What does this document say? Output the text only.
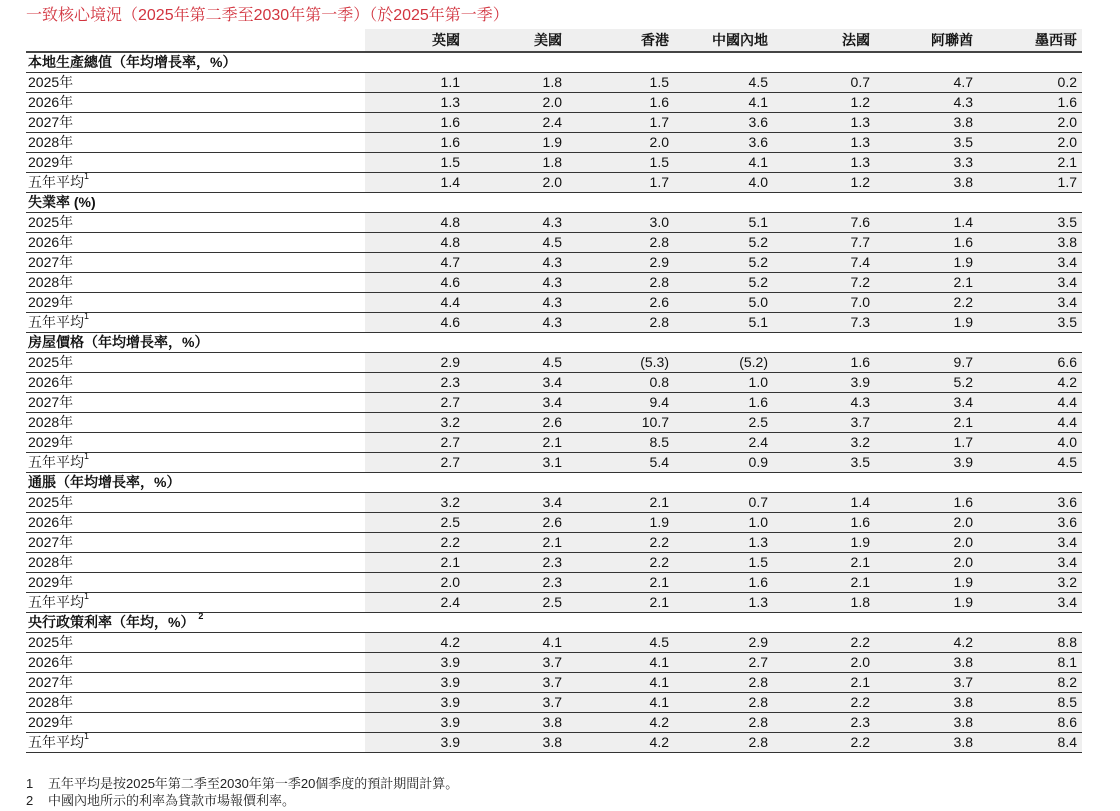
一致核心境況（2025年第二季至2030年第一季）（於2025年第一季）
	英國	美國	香港	中國內地	法國	阿聯酋	墨西哥
本地生產總值（年均增長率，%）							
2025年	1.1	1.8	1.5	4.5	0.7	4.7	0.2
2026年	1.3	2.0	1.6	4.1	1.2	4.3	1.6
2027年	1.6	2.4	1.7	3.6	1.3	3.8	2.0
2028年	1.6	1.9	2.0	3.6	1.3	3.5	2.0
2029年	1.5	1.8	1.5	4.1	1.3	3.3	2.1
五年平均$^1$	1.4	2.0	1.7	4.0	1.2	3.8	1.7
失業率 (%)							
2025年	4.8	4.3	3.0	5.1	7.6	1.4	3.5
2026年	4.8	4.5	2.8	5.2	7.7	1.6	3.8
2027年	4.7	4.3	2.9	5.2	7.4	1.9	3.4
2028年	4.6	4.3	2.8	5.2	7.2	2.1	3.4
2029年	4.4	4.3	2.6	5.0	7.0	2.2	3.4
五年平均$^1$	4.6	4.3	2.8	5.1	7.3	1.9	3.5
房屋價格（年均增長率，%）							
2025年	2.9	4.5	(5.3)	(5.2)	1.6	9.7	6.6
2026年	2.3	3.4	0.8	1.0	3.9	5.2	4.2
2027年	2.7	3.4	9.4	1.6	4.3	3.4	4.4
2028年	3.2	2.6	10.7	2.5	3.7	2.1	4.4
2029年	2.7	2.1	8.5	2.4	3.2	1.7	4.0
五年平均$^1$	2.7	3.1	5.4	0.9	3.5	3.9	4.5
通脹（年均增長率，%）							
2025年	3.2	3.4	2.1	0.7	1.4	1.6	3.6
2026年	2.5	2.6	1.9	1.0	1.6	2.0	3.6
2027年	2.2	2.1	2.2	1.3	1.9	2.0	3.4
2028年	2.1	2.3	2.2	1.5	2.1	2.0	3.4
2029年	2.0	2.3	2.1	1.6	2.1	1.9	3.2
五年平均$^1$	2.4	2.5	2.1	1.3	1.8	1.9	3.4
央行政策利率（年均，%） $^2$							
2025年	4.2	4.1	4.5	2.9	2.2	4.2	8.8
2026年	3.9	3.7	4.1	2.7	2.0	3.8	8.1
2027年	3.9	3.7	4.1	2.8	2.1	3.7	8.2
2028年	3.9	3.7	4.1	2.8	2.2	3.8	8.5
2029年	3.9	3.8	4.2	2.8	2.3	3.8	8.6
五年平均$^1$	3.9	3.8	4.2	2.8	2.2	3.8	8.4
1 五年平均是按2025年第二季至2030年第一季20個季度的預計期間計算。
2 中國內地所示的利率為貸款市場報價利率。
